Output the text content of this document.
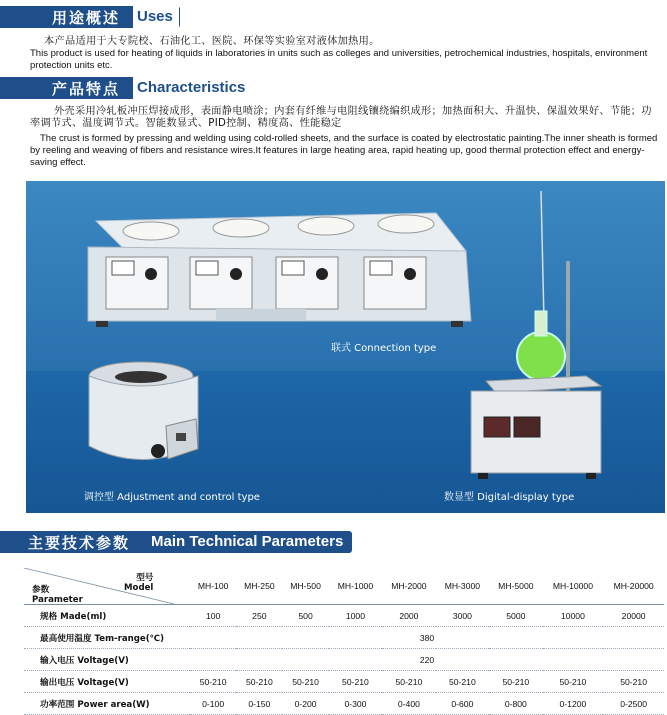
用途概述 Uses
本产品适用于大专院校、石油化工、医院、环保等实验室对液体加热用。
This product is used for heating of liquids in laboratories in units such as colleges and universities, petrochemical industries, hospitals, environment protection units etc.
产品特点 Characteristics
外壳采用冷轧板冲压焊接成形，表面静电喷涂；内套有纤维与电阻线镶绕编织成形；加热面积大、升温快、保温效果好、节能；功率调节式、温度调节式。智能数显式、PID控制、精度高、性能稳定
The crust is formed by pressing and welding using cold-rolled sheets, and the surface is coated by electrostatic painting.The inner sheath is formed by reeling and weaving of fibers and resistance wires.It features in large heating area, rapid heating up, good thermal protection effect and energy-saving effect.
联式 Connection type
调控型 Adjustment and control type	数显型 Digital-display type
主要技术参数 Main Technical Parameters
型号
Model
参数
Parameter	MH-100	MH-250	MH-500	MH-1000	MH-2000	MH-3000	MH-5000	MH-10000	MH-20000
规格 Made(ml)	100	250	500	1000	2000	3000	5000	10000	20000
最高使用温度 Tem-range(℃)	380								
输入电压 Voltage(V)	220								
输出电压 Voltage(V)	50-210	50-210	50-210	50-210	50-210	50-210	50-210	50-210	50-210
功率范围 Power area(W)	0-100	0-150	0-200	0-300	0-400	0-600	0-800	0-1200	0-2500
